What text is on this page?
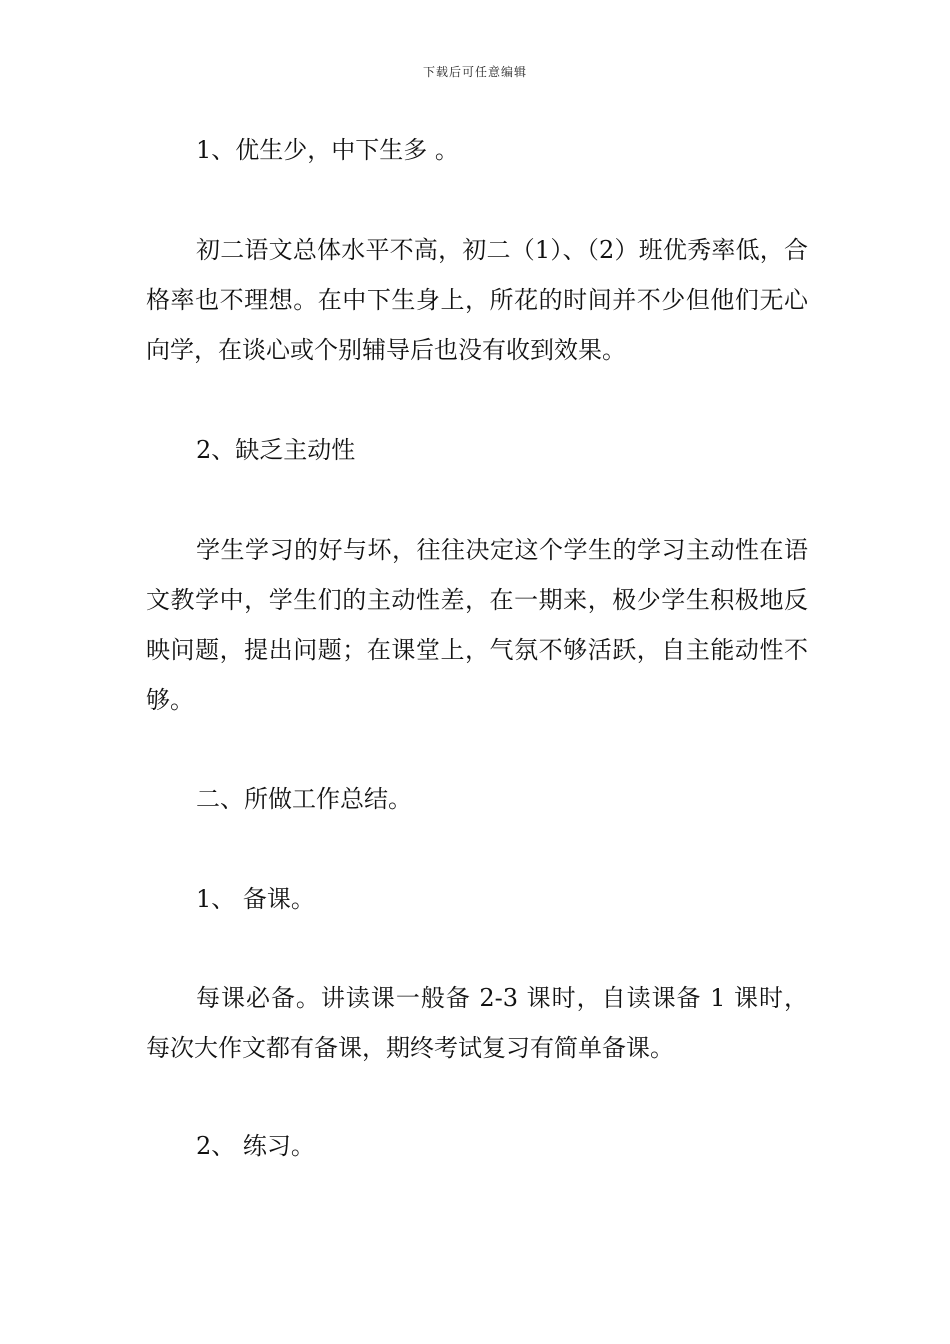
下载后可任意编辑

1、优生少，中下生多 。

初二语文总体水平不高，初二（1）、（2）班优秀率低，合格率也不理想。在中下生身上，所花的时间并不少但他们无心向学，在谈心或个别辅导后也没有收到效果。

2、缺乏主动性

学生学习的好与坏，往往决定这个学生的学习主动性在语文教学中，学生们的主动性差，在一期来，极少学生积极地反映问题，提出问题；在课堂上，气氛不够活跃，自主能动性不够。

二、所做工作总结。

1、 备课。

每课必备。讲读课一般备 2-3 课时，自读课备 1 课时，每次大作文都有备课，期终考试复习有简单备课。

2、 练习。
